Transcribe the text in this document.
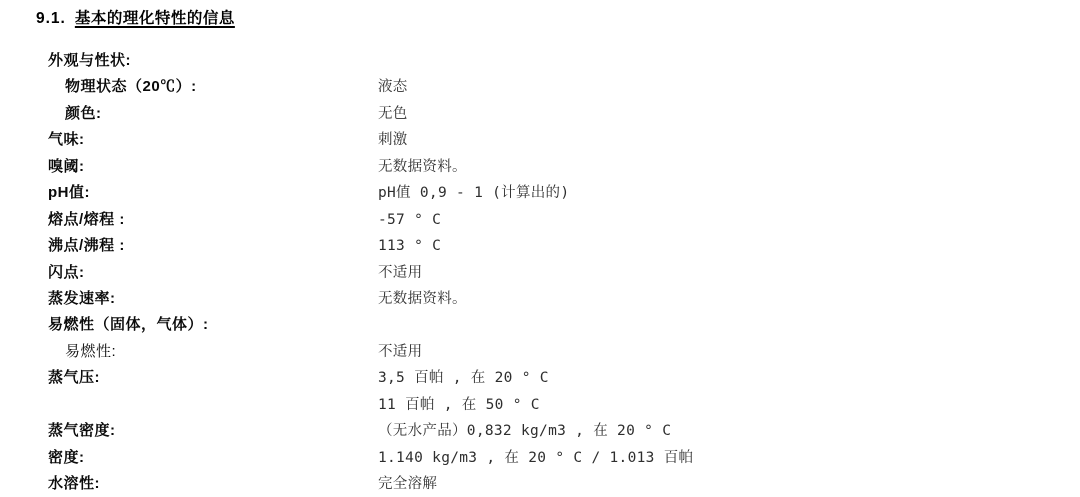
9.1. 基本的理化特性的信息
外观与性状:
物理状态（20℃）:	液态
颜色:	无色
气味:	刺激
嗅阈:	无数据资料。
pH值:	pH值 0,9 - 1 (计算出的)
熔点/熔程 :	-57 ° C
沸点/沸程 :	113 ° C
闪点:	不适用
蒸发速率:	无数据资料。
易燃性（固体，气体）:
易燃性:	不适用
蒸气压:	3,5 百帕 , 在 20 ° C
11 百帕 , 在 50 ° C
蒸气密度:	（无水产品）0,832 kg/m3 , 在 20 ° C
密度:	1.140 kg/m3 , 在 20 ° C / 1.013 百帕
水溶性:	完全溶解
